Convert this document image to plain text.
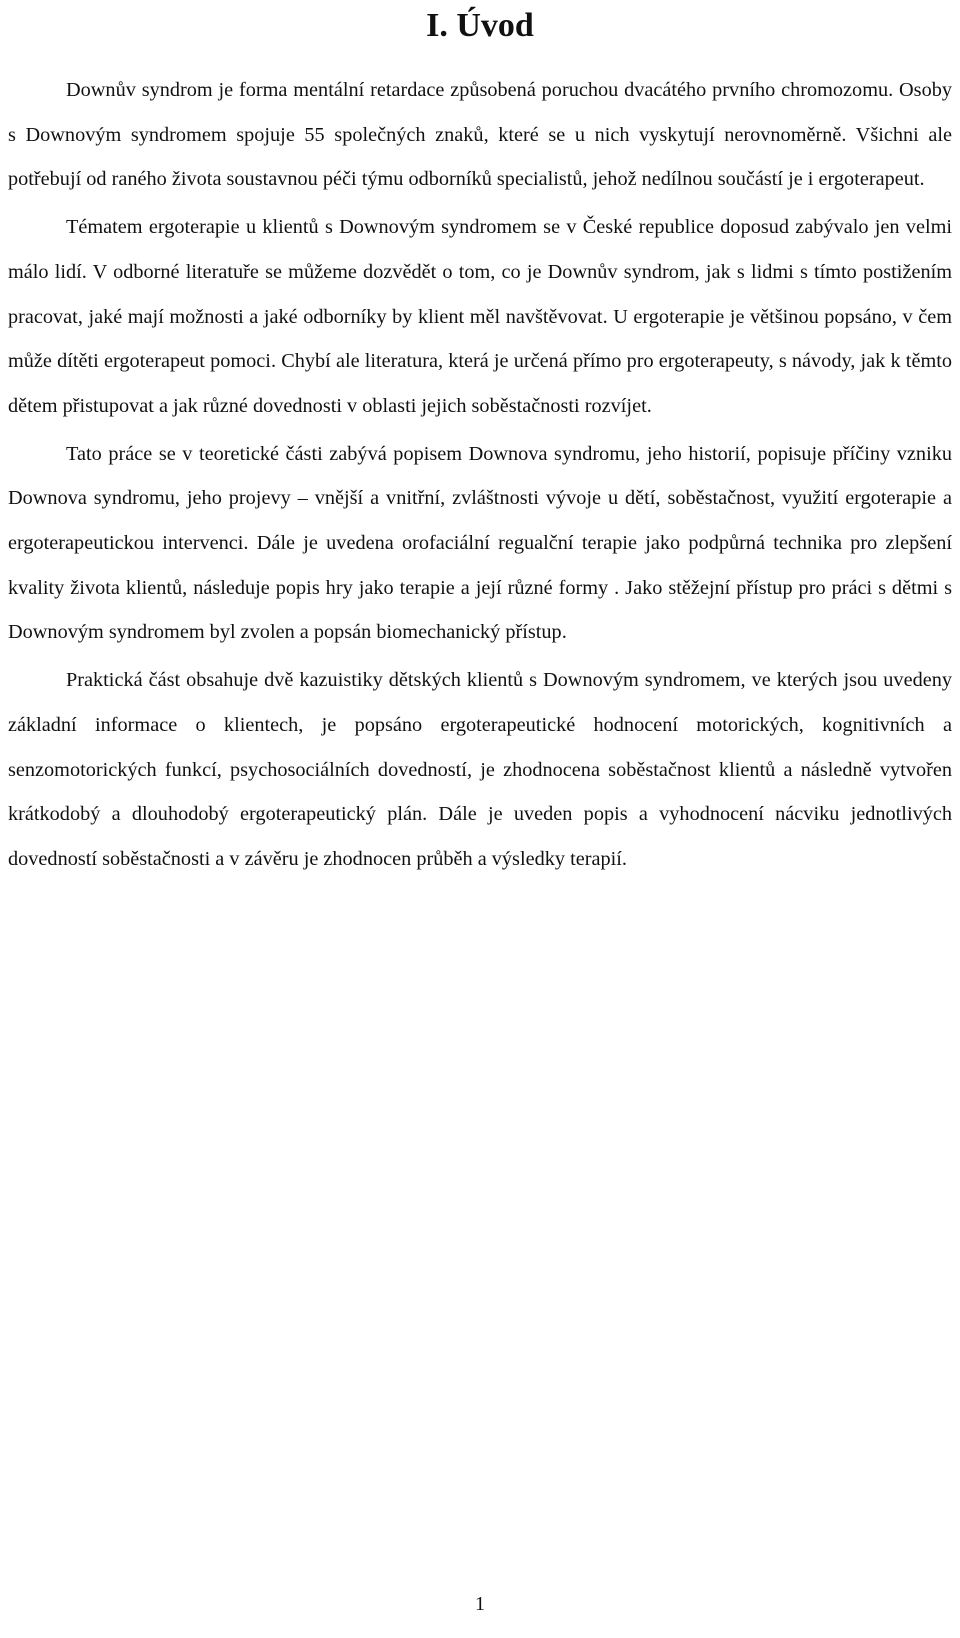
I. Úvod

Downův syndrom je forma mentální retardace způsobená poruchou dvacátého prvního chromozomu. Osoby s Downovým syndromem spojuje 55 společných znaků, které se u nich vyskytují nerovnoměrně. Všichni ale potřebují od raného života soustavnou péči týmu odborníků specialistů, jehož nedílnou součástí je i ergoterapeut.

Tématem ergoterapie u klientů s Downovým syndromem se v České republice doposud zabývalo jen velmi málo lidí. V odborné literatuře se můžeme dozvědět o tom, co je Downův syndrom, jak s lidmi s tímto postižením pracovat, jaké mají možnosti a jaké odborníky by klient měl navštěvovat. U ergoterapie je většinou popsáno, v čem může dítěti ergoterapeut pomoci. Chybí ale literatura, která je určená přímo pro ergoterapeuty, s návody, jak k těmto dětem přistupovat a jak různé dovednosti v oblasti jejich soběstačnosti rozvíjet.

Tato práce se v teoretické části zabývá popisem Downova syndromu, jeho historií, popisuje příčiny vzniku Downova syndromu, jeho projevy – vnější a vnitřní, zvláštnosti vývoje u dětí, soběstačnost, využití ergoterapie a ergoterapeutickou intervenci. Dále je uvedena orofaciální regualční terapie jako podpůrná technika pro zlepšení kvality života klientů, následuje popis hry jako terapie a její různé formy . Jako stěžejní přístup pro práci s dětmi s Downovým syndromem byl zvolen a popsán biomechanický přístup.

Praktická část obsahuje dvě kazuistiky dětských klientů s Downovým syndromem, ve kterých jsou uvedeny základní informace o klientech, je popsáno ergoterapeutické hodnocení motorických, kognitivních a senzomotorických funkcí, psychosociálních dovedností, je zhodnocena soběstačnost klientů a následně vytvořen krátkodobý a dlouhodobý ergoterapeutický plán. Dále je uveden popis a vyhodnocení nácviku jednotlivých dovedností soběstačnosti a v závěru je zhodnocen průběh a výsledky terapií.

1
